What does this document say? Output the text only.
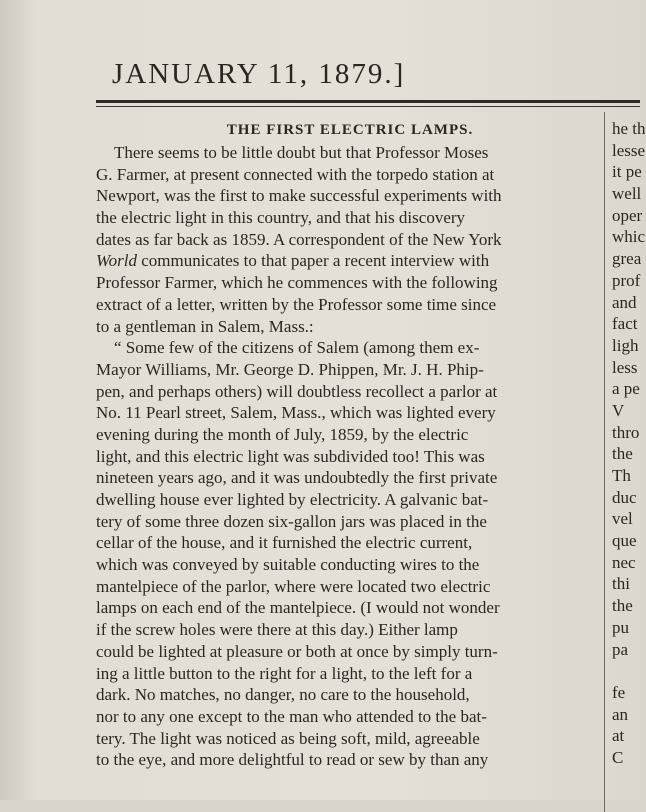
JANUARY 11, 1879.]
THE FIRST ELECTRIC LAMPS.
There seems to be little doubt but that Professor Moses
G. Farmer, at present connected with the torpedo station at
Newport, was the first to make successful experiments with
the electric light in this country, and that his discovery
dates as far back as 1859. A correspondent of the New York
World communicates to that paper a recent interview with
Professor Farmer, which he commences with the following
extract of a letter, written by the Professor some time since
to a gentleman in Salem, Mass.:
“ Some few of the citizens of Salem (among them ex-
Mayor Williams, Mr. George D. Phippen, Mr. J. H. Phip-
pen, and perhaps others) will doubtless recollect a parlor at
No. 11 Pearl street, Salem, Mass., which was lighted every
evening during the month of July, 1859, by the electric
light, and this electric light was subdivided too! This was
nineteen years ago, and it was undoubtedly the first private
dwelling house ever lighted by electricity. A galvanic bat-
tery of some three dozen six-gallon jars was placed in the
cellar of the house, and it furnished the electric current,
which was conveyed by suitable conducting wires to the
mantelpiece of the parlor, where were located two electric
lamps on each end of the mantelpiece. (I would not wonder
if the screw holes were there at this day.) Either lamp
could be lighted at pleasure or both at once by simply turn-
ing a little button to the right for a light, to the left for a
dark. No matches, no danger, no care to the household,
nor to any one except to the man who attended to the bat-
tery. The light was noticed as being soft, mild, agreeable
to the eye, and more delightful to read or sew by than any
he th
lesse
it pe
well
oper
whic
grea
prof
and
fact
ligh
less
a pe
V
thro
the
Th
duc
vel
que
nec
thi
the
pu
pa
fe
an
at
C
